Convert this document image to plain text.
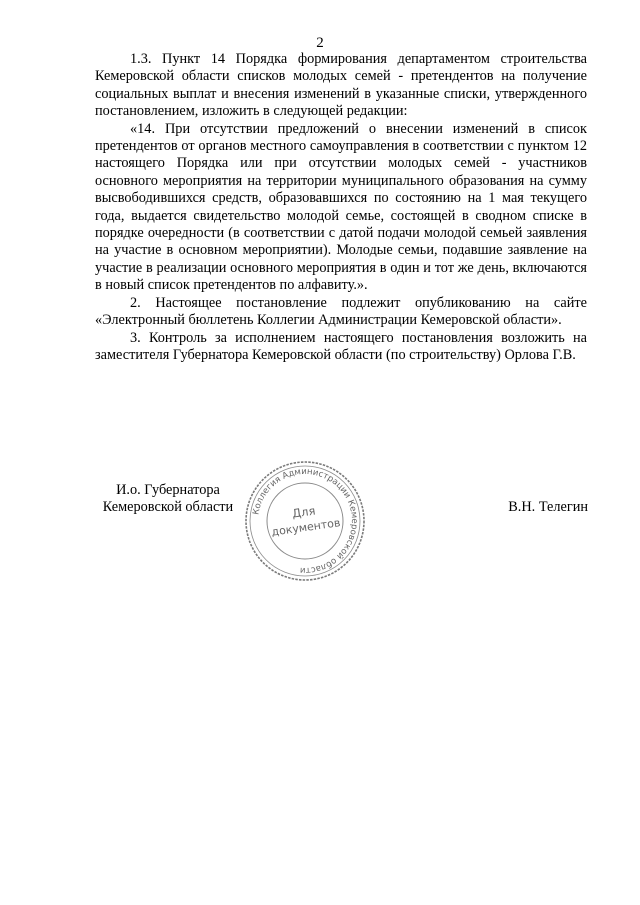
2

1.3. Пункт 14 Порядка формирования департаментом строительства Кемеровской области списков молодых семей - претендентов на получение социальных выплат и внесения изменений в указанные списки, утвержденного постановлением, изложить в следующей редакции:

«14. При отсутствии предложений о внесении изменений в список претендентов от органов местного самоуправления в соответствии с пунктом 12 настоящего Порядка или при отсутствии молодых семей - участников основного мероприятия на территории муниципального образования на сумму высвободившихся средств, образовавшихся по состоянию на 1 мая текущего года, выдается свидетельство молодой семье, состоящей в сводном списке в порядке очередности (в соответствии с датой подачи молодой семьей заявления на участие в основном мероприятии). Молодые семьи, подавшие заявление на участие в реализации основного мероприятия в один и тот же день, включаются в новый список претендентов по алфавиту.».

2. Настоящее постановление подлежит опубликованию на сайте «Электронный бюллетень Коллегии Администрации Кемеровской области».

3. Контроль за исполнением настоящего постановления возложить на заместителя Губернатора Кемеровской области (по строительству) Орлова Г.В.

И.о. Губернатора
Кемеровской области	Коллегия Администрации Кемеровской области
Для
документов
В.Н. Телегин
